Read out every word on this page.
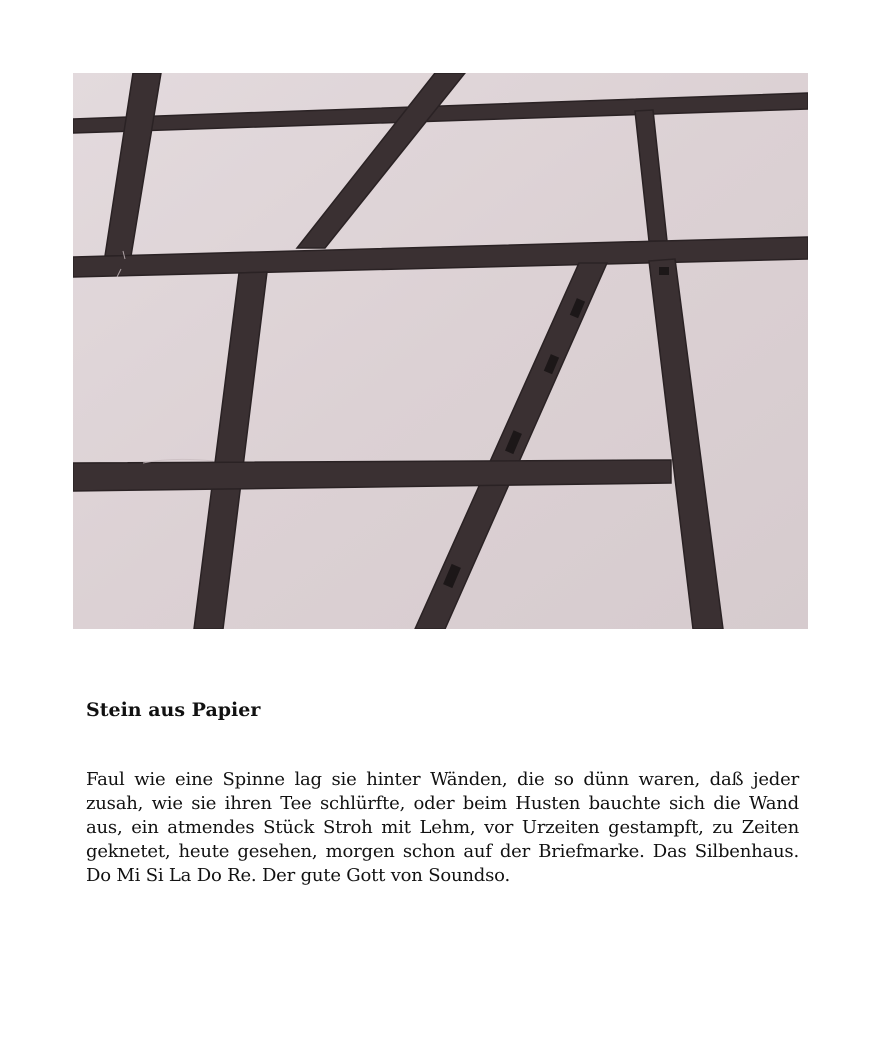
Stein aus Papier

Faul wie eine Spinne lag sie hinter Wänden, die so dünn waren, daß jeder zusah, wie sie ihren Tee schlürfte, oder beim Husten bauchte sich die Wand aus, ein atmendes Stück Stroh mit Lehm, vor Urzeiten gestampft, zu Zeiten geknetet, heute gesehen, morgen schon auf der Briefmarke. Das Silbenhaus. Do Mi Si La Do Re. Der gute Gott von Soundso.
